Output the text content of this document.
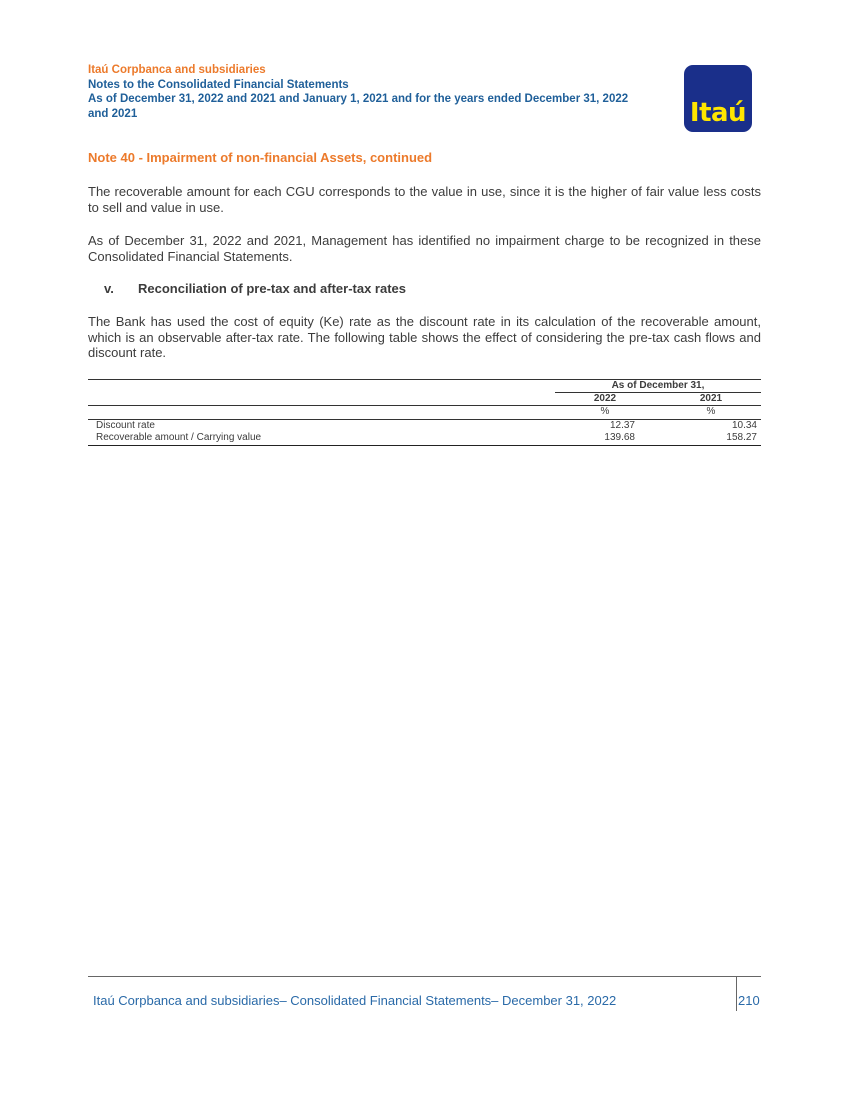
Itaú Corpbanca and subsidiaries
Notes to the Consolidated Financial Statements
As of December 31, 2022 and 2021 and January 1, 2021 and for the years ended December 31, 2022
and 2021	Itaú
Note 40 - Impairment of non-financial Assets, continued
The recoverable amount for each CGU corresponds to the value in use, since it is the higher of fair value less costs to sell and value in use.
As of December 31, 2022 and 2021, Management has identified no impairment charge to be recognized in these Consolidated Financial Statements.
v. Reconciliation of pre-tax and after-tax rates
The Bank has used the cost of equity (Ke) rate as the discount rate in its calculation of the recoverable amount, which is an observable after-tax rate. The following table shows the effect of considering the pre-tax cash flows and discount rate.
As of December 31,
2022	2021
%	%
Discount rate	12.37	10.34
Recoverable amount / Carrying value	139.68	158.27
Itaú Corpbanca and subsidiaries– Consolidated Financial Statements– December 31, 2022	210
